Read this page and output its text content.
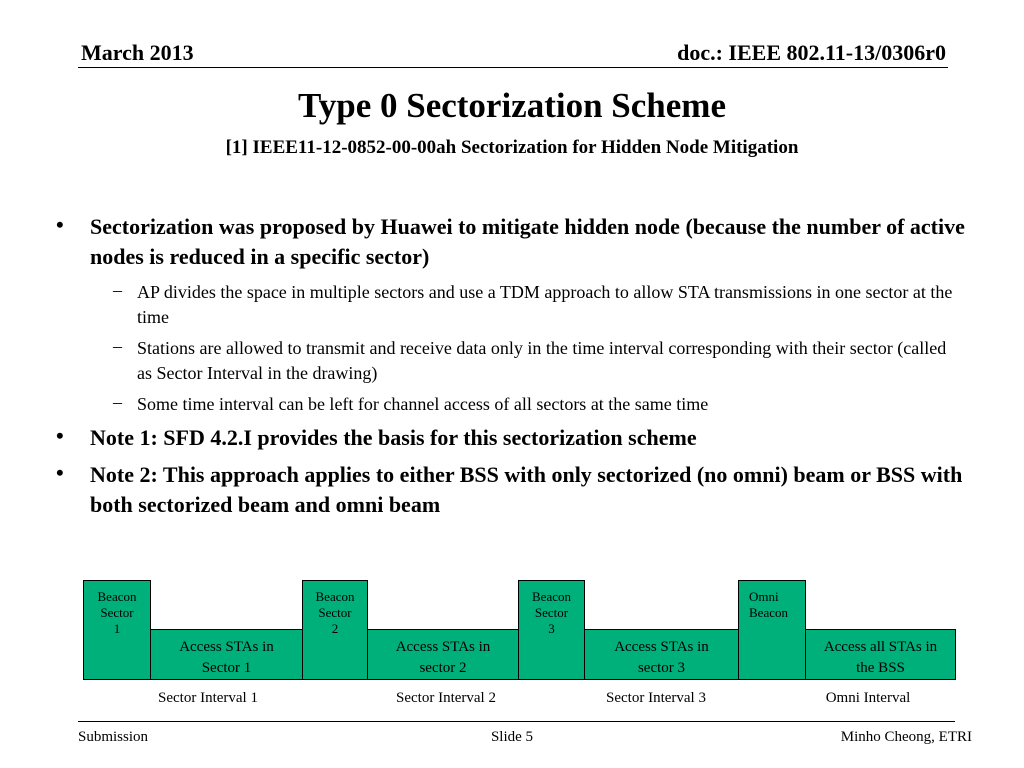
March 2013	doc.: IEEE 802.11-13/0306r0
Type 0 Sectorization Scheme
[1] IEEE11-12-0852-00-00ah Sectorization for Hidden Node Mitigation
• Sectorization was proposed by Huawei to mitigate hidden node (because the number of active nodes is reduced in a specific sector)
– AP divides the space in multiple sectors and use a TDM approach to allow STA transmissions in one sector at the time
– Stations are allowed to transmit and receive data only in the time interval corresponding with their sector (called as Sector Interval in the drawing)
– Some time interval can be left for channel access of all sectors at the same time
• Note 1: SFD 4.2.I provides the basis for this sectorization scheme
• Note 2: This approach applies to either BSS with only sectorized (no omni) beam or BSS with both sectorized beam and omni beam
Beacon
Sector
1
Beacon
Sector
2
Beacon
Sector
3
Omni
Beacon
Access STAs in
Sector 1
Access STAs in
sector 2
Access STAs in
sector 3
Access all STAs in
the BSS
Sector Interval 1	Sector Interval 2	Sector Interval 3	Omni Interval
Submission	Slide 5	Minho Cheong, ETRI
